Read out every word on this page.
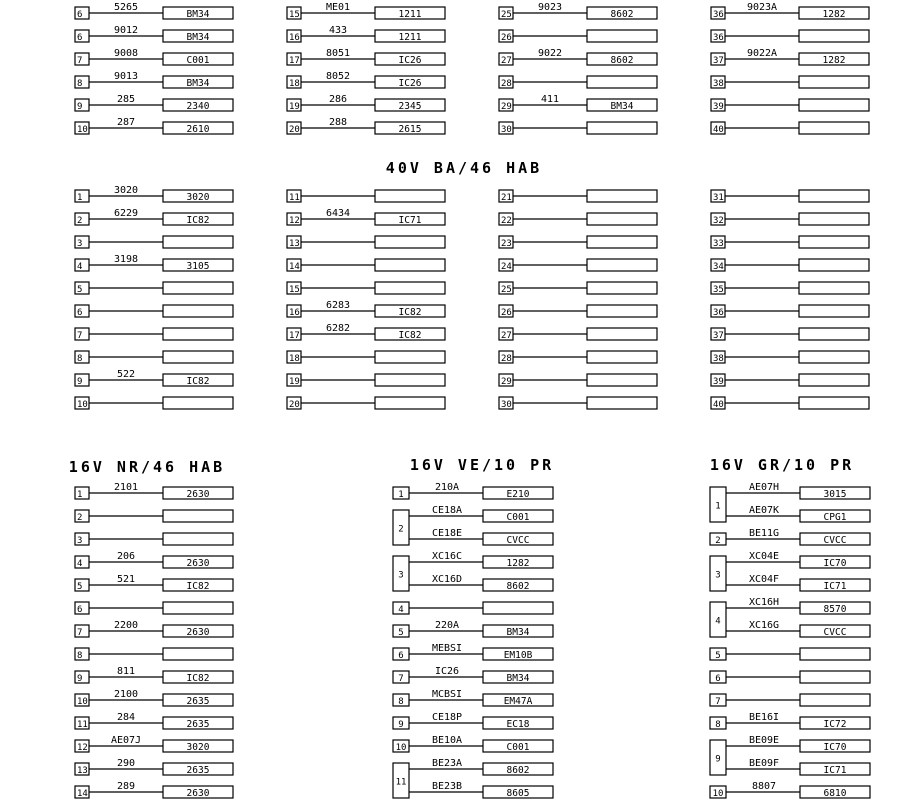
40V BA/46 HAB
16V NR/46 HAB	16V VE/10 PR	16V GR/10 PR
6
5265
BM34
6
9012
BM34
7
9008
C001
8
9013
BM34
9
285
2340
10
287
2610
15
ME01
1211
16
433
1211
17
8051
IC26
18
8052
IC26
19
286
2345
20
288
2615
25
9023
8602
26
27
9022
8602
28
29
411
BM34
30
36
9023A
1282
36
37
9022A
1282
38
39
40
1
3020
3020
2
6229
IC82
3
4
3198
3105
5
6
7
8
9
522
IC82
10
11
12
6434
IC71
13
14
15
16
6283
IC82
17
6282
IC82
18
19
20
21
22
23
24
25
26
27
28
29
30
31
32
33
34
35
36
37
38
39
40
1
2101
2630
2
3
4
206
2630
5
521
IC82
6
7
2200
2630
8
9
811
IC82
10
2100
2635
11
284
2635
12
AE07J
3020
13
290
2635
14
289
2630
1
210A
E210
2
CE18A
C001
CE18E
CVCC
3
XC16C
1282
XC16D
8602
4
5
220A
BM34
6
MEBSI
EM10B
7
IC26
BM34
8
MCBSI
EM47A
9
CE18P
EC18
10
BE10A
C001
11
BE23A
8602
BE23B
8605
1
AE07H
3015
AE07K
CPG1
2
BE11G
CVCC
3
XC04E
IC70
XC04F
IC71
4
XC16H
8570
XC16G
CVCC
5
6
7
8
BE16I
IC72
9
BE09E
IC70
BE09F
IC71
10
8807
6810
